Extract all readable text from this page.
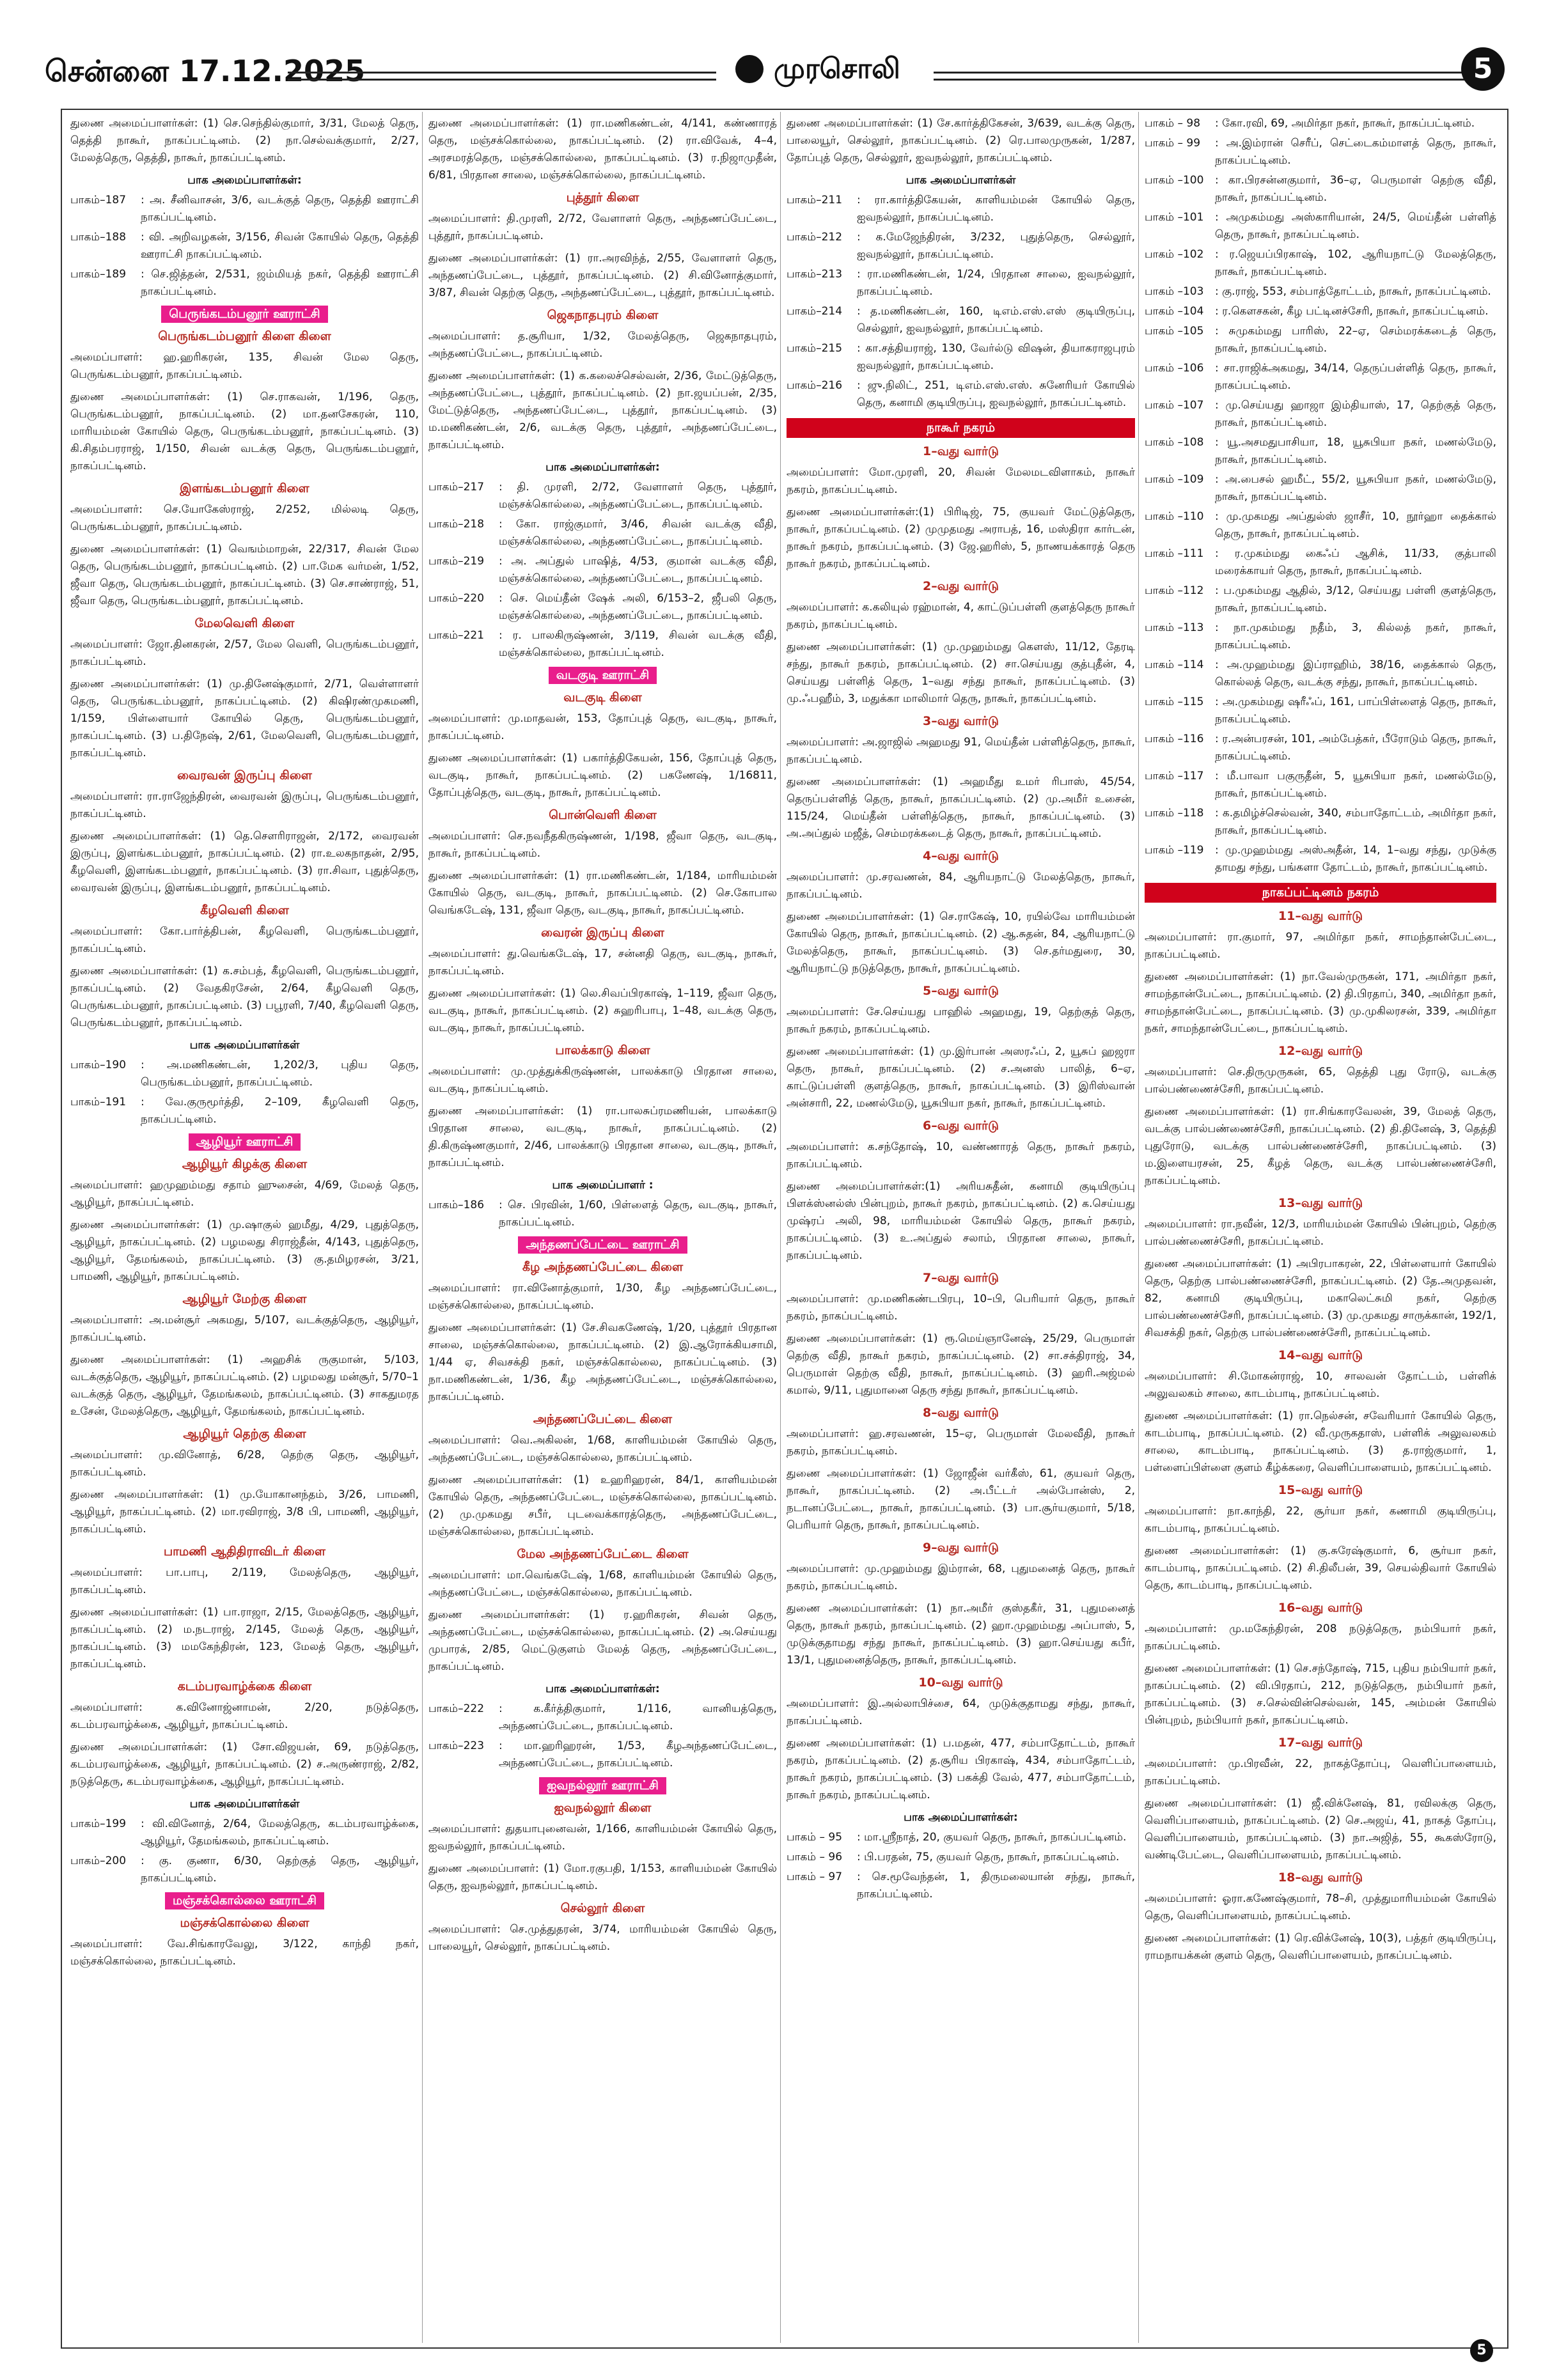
சென்னை 17.12.2025	முரசொலி	5

துணை அமைப்பாளர்கள்: (1) செ.செந்தில்குமார், 3/31, மேலத் தெரு, தெத்தி நாகூர், நாகப்பட்டினம். (2) நா.செல்வக்குமார், 2/27, மேலத்தெரு, தெத்தி, நாகூர், நாகப்பட்டினம்.

பாக அமைப்பாளர்கள்:
பாகம்–187	: அ. சீனிவாசன், 3/6, வடக்குத் தெரு, தெத்தி ஊராட்சி நாகப்பட்டினம்.
பாகம்–188	: வி. அறிவழகன், 3/156, சிவன் கோயில் தெரு, தெத்தி ஊராட்சி நாகப்பட்டினம்.
பாகம்–189	: செ.ஜித்தன், 2/531, ஜம்மியத் நகர், தெத்தி ஊராட்சி நாகப்பட்டினம்.
பெருங்கடம்பனூர் ஊராட்சி
பெருங்கடம்பனூர் கிளை கிளை

அமைப்பாளர்: ஹ.ஹரிகரன், 135, சிவன் மேல தெரு, பெருங்கடம்பனூர், நாகப்பட்டினம்.

துணை அமைப்பாளர்கள்: (1) செ.ராகவன், 1/196, தெரு, பெருங்கடம்பனூர், நாகப்பட்டினம். (2) மா.தனசேகரன், 110, மாரியம்மன் கோயில் தெரு, பெருங்கடம்பனூர், நாகப்பட்டினம். (3) கி.சிதம்பரராஜ், 1/150, சிவன் வடக்கு தெரு, பெருங்கடம்பனூர், நாகப்பட்டினம்.

இளங்கடம்பனூர் கிளை

அமைப்பாளர்: செ.யோகேஸ்ராஜ், 2/252, மில்லடி தெரு, பெருங்கடம்பனூர், நாகப்பட்டினம்.

துணை அமைப்பாளர்கள்: (1) வெஙம்மாறன், 22/317, சிவன் மேல தெரு, பெருங்கடம்பனூர், நாகப்பட்டினம். (2) பா.மேக வர்மன், 1/52, ஜீவா தெரு, பெருங்கடம்பனூர், நாகப்பட்டினம். (3) செ.சாண்ராஜ், 51, ஜீவா தெரு, பெருங்கடம்பனூர், நாகப்பட்டினம்.

மேலவெளி கிளை

அமைப்பாளர்: ஜோ.தினகரன், 2/57, மேல வெளி, பெருங்கடம்பனூர், நாகப்பட்டினம்.

துணை அமைப்பாளர்கள்: (1) மு.தினேஷ்குமார், 2/71, வெள்ளாளர் தெரு, பெருங்கடம்பனூர், நாகப்பட்டினம். (2) கிஷிரண்முகமணி, 1/159, பிள்ளையார் கோயில் தெரு, பெருங்கடம்பனூர், நாகப்பட்டினம். (3) ப.திநேஷ், 2/61, மேலவெளி, பெருங்கடம்பனூர், நாகப்பட்டினம்.

வைரவன் இருப்பு கிளை

அமைப்பாளர்: ரா.ராஜேந்திரன், வைரவன் இருப்பு, பெருங்கடம்பனூர், நாகப்பட்டினம்.

துணை அமைப்பாளர்கள்: (1) தெ.சௌரிராஜன், 2/172, வைரவன் இருப்பு, இளங்கடம்பனூர், நாகப்பட்டினம். (2) ரா.உலகநாதன், 2/95, கீழவெளி, இளங்கடம்பனூர், நாகப்பட்டினம். (3) ரா.சிவா, புதுத்தெரு, வைரவன் இருப்பு, இளங்கடம்பனூர், நாகப்பட்டினம்.

கீழவெளி கிளை

அமைப்பாளர்: கோ.பார்த்திபன், கீழவெளி, பெருங்கடம்பனூர், நாகப்பட்டினம்.

துணை அமைப்பாளர்கள்: (1) க.சம்பத், கீழவெளி, பெருங்கடம்பனூர், நாகப்பட்டினம். (2) வேதகிரசேன், 2/64, கீழவெளி தெரு, பெருங்கடம்பனூர், நாகப்பட்டினம். (3) பபூரளி, 7/40, கீழவெளி தெரு, பெருங்கடம்பனூர், நாகப்பட்டினம்.

பாக அமைப்பாளர்கள்
பாகம்–190	: அ.மணிகண்டன், 1,202/3, புதிய தெரு, பெருங்கடம்பனூர், நாகப்பட்டினம்.
பாகம்–191	: வே.குருமூர்த்தி, 2–109, கீழவெளி தெரு, நாகப்பட்டினம்.
ஆழியூர் ஊராட்சி
ஆழியூர் கிழக்கு கிளை

அமைப்பாளர்: ஹமுஹம்மது சதாம் ஹுசைன், 4/69, மேலத் தெரு, ஆழியூர், நாகப்பட்டினம்.

துணை அமைப்பாளர்கள்: (1) மு.ஷாகுல் ஹமீது, 4/29, புதுத்தெரு, ஆழியூர், நாகப்பட்டினம். (2) பழமலது சிராஜ்தீன், 4/143, புதுத்தெரு, ஆழியூர், தேமங்கலம், நாகப்பட்டினம். (3) கு.தமிழரசன், 3/21, பாமணி, ஆழியூர், நாகப்பட்டினம்.

ஆழியூர் மேற்கு கிளை

அமைப்பாளர்: அ.மன்சூர் அகமது, 5/107, வடக்குத்தெரு, ஆழியூர், நாகப்பட்டினம்.

துணை அமைப்பாளர்கள்: (1) அஹசிக் ருகுமான், 5/103, வடக்குத்தெரு, ஆழியூர், நாகப்பட்டினம். (2) பழமலது மன்சூர், 5/70–1 வடக்குத் தெரு, ஆழியூர், தேமங்கலம், நாகப்பட்டினம். (3) சாகதுமரத உசேன், மேலத்தெரு, ஆழியூர், தேமங்கலம், நாகப்பட்டினம்.

ஆழியூர் தெற்கு கிளை

அமைப்பாளர்: மு.வினோத், 6/28, தெற்கு தெரு, ஆழியூர், நாகப்பட்டினம்.

துணை அமைப்பாளர்கள்: (1) மு.யோகானந்தம், 3/26, பாமணி, ஆழியூர், நாகப்பட்டினம். (2) மா.ரவிராஜ், 3/8 பி, பாமணி, ஆழியூர், நாகப்பட்டினம்.

பாமணி ஆதிதிராவிடர் கிளை

அமைப்பாளர்: பா.பாபு, 2/119, மேலத்தெரு, ஆழியூர், நாகப்பட்டினம்.

துணை அமைப்பாளர்கள்: (1) பா.ராஜா, 2/15, மேலத்தெரு, ஆழியூர், நாகப்பட்டினம். (2) ம.நடராஜ், 2/145, மேலத் தெரு, ஆழியூர், நாகப்பட்டினம். (3) மமகேந்திரன், 123, மேலத் தெரு, ஆழியூர், நாகப்பட்டினம்.

கடம்பரவாழ்க்கை கிளை

அமைப்பாளர்: க.வினோஜ்னாமன், 2/20, நடுத்தெரு, கடம்பரவாழ்க்கை, ஆழியூர், நாகப்பட்டினம்.

துணை அமைப்பாளர்கள்: (1) சோ.விஜயன், 69, நடுத்தெரு, கடம்பரவாழ்க்கை, ஆழியூர், நாகப்பட்டினம். (2) ச.அருண்ராஜ், 2/82, நடுத்தெரு, கடம்பரவாழ்க்கை, ஆழியூர், நாகப்பட்டினம்.

பாக அமைப்பாளர்கள்
பாகம்–199	: வி.வினோத், 2/64, மேலத்தெரு, கடம்பரவாழ்க்கை, ஆழியூர், தேமங்கலம், நாகப்பட்டினம்.
பாகம்–200	: கு. குணா, 6/30, தெற்குத் தெரு, ஆழியூர், நாகப்பட்டினம்.
மஞ்சக்கொல்லை ஊராட்சி
மஞ்சக்கொல்லை கிளை

அமைப்பாளர்: வே.சிங்காரவேலு, 3/122, காந்தி நகர், மஞ்சக்கொல்லை, நாகப்பட்டினம்.

துணை அமைப்பாளர்கள்: (1) ரா.மணிகண்டன், 4/141, கண்ணாரத் தெரு, மஞ்சக்கொல்லை, நாகப்பட்டினம். (2) ரா.விவேக், 4–4, அரசமரத்தெரு, மஞ்சக்கொல்லை, நாகப்பட்டினம். (3) ர.நிஜாமுதீன், 6/81, பிரதான சாலை, மஞ்சக்கொல்லை, நாகப்பட்டினம்.

புத்தூர் கிளை

அமைப்பாளர்: தி.முரளி, 2/72, வேளாளர் தெரு, அந்தணப்பேட்டை, புத்தூர், நாகப்பட்டினம்.

துணை அமைப்பாளர்கள்: (1) ரா.அரவிந்த், 2/55, வேளாளர் தெரு, அந்தணப்பேட்டை, புத்தூர், நாகப்பட்டினம். (2) சி.வினோத்குமார், 3/87, சிவன் தெற்கு தெரு, அந்தணப்பேட்டை, புத்தூர், நாகப்பட்டினம்.

ஜெகநாதபுரம் கிளை

அமைப்பாளர்: த.சூரியா, 1/32, மேலத்தெரு, ஜெகநாதபுரம், அந்தணப்பேட்டை, நாகப்பட்டினம்.

துணை அமைப்பாளர்கள்: (1) க.கலைச்செல்வன், 2/36, மேட்டுத்தெரு, அந்தணப்பேட்டை, புத்தூர், நாகப்பட்டினம். (2) நா.ஜயப்பன், 2/35, மேட்டுத்தெரு, அந்தணப்பேட்டை, புத்தூர், நாகப்பட்டினம். (3) ம.மணிகண்டன், 2/6, வடக்கு தெரு, புத்தூர், அந்தணப்பேட்டை, நாகப்பட்டினம்.

பாக அமைப்பாளர்கள்:
பாகம்–217	: தி. முரளி, 2/72, வேளாளர் தெரு, புத்தூர், மஞ்சக்கொல்லை, அந்தணப்பேட்டை, நாகப்பட்டினம்.
பாகம்–218	: கோ. ராஜ்குமார், 3/46, சிவன் வடக்கு வீதி, மஞ்சக்கொல்லை, அந்தணப்பேட்டை, நாகப்பட்டினம்.
பாகம்–219	: அ. அப்துல் பாஷித், 4/53, குமான் வடக்கு வீதி, மஞ்சக்கொல்லை, அந்தணப்பேட்டை, நாகப்பட்டினம்.
பாகம்–220	: செ. மெய்தீன் ஷேக் அலி, 6/153–2, ஜீபலி தெரு, மஞ்சக்கொல்லை, அந்தணப்பேட்டை, நாகப்பட்டினம்.
பாகம்–221	: ர. பாலகிருஷ்ணன், 3/119, சிவன் வடக்கு வீதி, மஞ்சக்கொல்லை, நாகப்பட்டினம்.
வடகுடி ஊராட்சி
வடகுடி கிளை

அமைப்பாளர்: மு.மாதவன், 153, தோப்புத் தெரு, வடகுடி, நாகூர், நாகப்பட்டினம்.

துணை அமைப்பாளர்கள்: (1) பகார்த்திகேயன், 156, தோப்புத் தெரு, வடகுடி, நாகூர், நாகப்பட்டினம். (2) பகணேஷ், 1/16811, தோப்புத்தெரு, வடகுடி, நாகூர், நாகப்பட்டினம்.

பொன்வெளி கிளை

அமைப்பாளர்: செ.நவநீதகிருஷ்ணன், 1/198, ஜீவா தெரு, வடகுடி, நாகூர், நாகப்பட்டினம்.

துணை அமைப்பாளர்கள்: (1) ரா.மணிகண்டன், 1/184, மாரியம்மன் கோயில் தெரு, வடகுடி, நாகூர், நாகப்பட்டினம். (2) செ.கோபால வெங்கடேஷ், 131, ஜீவா தெரு, வடகுடி, நாகூர், நாகப்பட்டினம்.

வைரன் இருப்பு கிளை

அமைப்பாளர்: து.வெங்கடேஷ், 17, சன்னதி தெரு, வடகுடி, நாகூர், நாகப்பட்டினம்.

துணை அமைப்பாளர்கள்: (1) லெ.சிவப்பிரகாஷ், 1–119, ஜீவா தெரு, வடகுடி, நாகூர், நாகப்பட்டினம். (2) சுஹரிபாபு, 1–48, வடக்கு தெரு, வடகுடி, நாகூர், நாகப்பட்டினம்.

பாலக்காடு கிளை

அமைப்பாளர்: மு.முத்துக்கிருஷ்ணன், பாலக்காடு பிரதான சாலை, வடகுடி, நாகப்பட்டினம்.

துணை அமைப்பாளர்கள்: (1) ரா.பாலசுப்ரமணியன், பாலக்காடு பிரதான சாலை, வடகுடி, நாகூர், நாகப்பட்டினம். (2) தி.கிருஷ்ணகுமார், 2/46, பாலக்காடு பிரதான சாலை, வடகுடி, நாகூர், நாகப்பட்டினம்.

பாக அமைப்பாளர் :
பாகம்–186	: செ. பிரவின், 1/60, பிள்ளைத் தெரு, வடகுடி, நாகூர், நாகப்பட்டினம்.
அந்தணப்பேட்டை ஊராட்சி
கீழ அந்தணப்பேட்டை கிளை

அமைப்பாளர்: ரா.வினோத்குமார், 1/30, கீழ அந்தணப்பேட்டை, மஞ்சக்கொல்லை, நாகப்பட்டினம்.

துணை அமைப்பாளர்கள்: (1) சே.சிவகணேஷ், 1/20, புத்தூர் பிரதான சாலை, மஞ்சக்கொல்லை, நாகப்பட்டினம். (2) இ.ஆரோக்கியசாமி, 1/44 ஏ, சிவசக்தி நகர், மஞ்சக்கொல்லை, நாகப்பட்டினம். (3) நா.மணிகண்டன், 1/36, கீழ அந்தணப்பேட்டை, மஞ்சக்கொல்லை, நாகப்பட்டினம்.

அந்தணப்பேட்டை கிளை

அமைப்பாளர்: வெ.அகிலன், 1/68, காளியம்மன் கோயில் தெரு, அந்தணப்பேட்டை, மஞ்சக்கொல்லை, நாகப்பட்டினம்.

துணை அமைப்பாளர்கள்: (1) உஹரிஹரன், 84/1, காளியம்மன் கோயில் தெரு, அந்தணப்பேட்டை, மஞ்சக்கொல்லை, நாகப்பட்டினம். (2) மு.முகமது சபீர், புடவைக்காரத்தெரு, அந்தணப்பேட்டை, மஞ்சக்கொல்லை, நாகப்பட்டினம்.

மேல அந்தணப்பேட்டை கிளை

அமைப்பாளர்: மா.வெங்கடேஷ், 1/68, காளியம்மன் கோயில் தெரு, அந்தணப்பேட்டை, மஞ்சக்கொல்லை, நாகப்பட்டினம்.

துணை அமைப்பாளர்கள்: (1) ர.ஹரிகரன், சிவன் தெரு, அந்தணப்பேட்டை, மஞ்சக்கொல்லை, நாகப்பட்டினம். (2) அ.செய்யது முபாரக், 2/85, மெட்டுகுளம் மேலத் தெரு, அந்தணப்பேட்டை, நாகப்பட்டினம்.

பாக அமைப்பாளர்கள்:
பாகம்–222	: க.கீர்த்திகுமார், 1/116, வானியத்தெரு, அந்தணப்பேட்டை, நாகப்பட்டினம்.
பாகம்–223	: மா.ஹரிஹரன், 1/53, கீழஅந்தணப்பேட்டை, அந்தணப்பேட்டை, நாகப்பட்டினம்.
ஐவநல்லூர் ஊராட்சி
ஐவநல்லூர் கிளை

அமைப்பாளர்: துதயாபுனைவன், 1/166, காளியம்மன் கோயில் தெரு, ஐவநல்லூர், நாகப்பட்டினம்.

துணை அமைப்பாளர்: (1) மோ.ரகுபதி, 1/153, காளியம்மன் கோயில் தெரு, ஐவநல்லூர், நாகப்பட்டினம்.

செல்லூர் கிளை

அமைப்பாளர்: செ.முத்துதரன், 3/74, மாரியம்மன் கோயில் தெரு, பாலையூர், செல்லூர், நாகப்பட்டினம்.

துணை அமைப்பாளர்கள்: (1) சே.கார்த்திகேசன், 3/639, வடக்கு தெரு, பாலையூர், செல்லூர், நாகப்பட்டினம். (2) ரெ.பாலமுருகன், 1/287, தோப்புத் தெரு, செல்லூர், ஐவநல்லூர், நாகப்பட்டினம்.

பாக அமைப்பாளர்கள்
பாகம்–211	: ரா.கார்த்திகேயன், காளியம்மன் கோயில் தெரு, ஐவநல்லூர், நாகப்பட்டினம்.
பாகம்–212	: க.மேஜேந்திரன், 3/232, புதுத்தெரு, செல்லூர், ஐவநல்லூர், நாகப்பட்டினம்.
பாகம்–213	: ரா.மணிகண்டன், 1/24, பிரதான சாலை, ஐவநல்லூர், நாகப்பட்டினம்.
பாகம்–214	: த.மணிகண்டன், 160, டிஎம்.எஸ்.எஸ் குடியிருப்பு, செல்லூர், ஐவநல்லூர், நாகப்பட்டினம்.
பாகம்–215	: கா.சத்தியராஜ், 130, வேர்ல்டு விஷன், தியாகராஜபுரம் ஐவநல்லூர், நாகப்பட்டினம்.
பாகம்–216	: ஜு.நிலிட், 251, டிஎம்.எஸ்.எஸ். சுனேரியர் கோயில் தெரு, கனாமி குடியிருப்பு, ஐவநல்லூர், நாகப்பட்டினம்.
நாகூர் நகரம்
1–வது வார்டு

அமைப்பாளர்: மோ.முரளி, 20, சிவன் மேலமடவிளாகம், நாகூர் நகரம், நாகப்பட்டினம்.

துணை அமைப்பாளர்கள்:(1) பிரிடிஜ், 75, குயவர் மேட்டுத்தெரு, நாகூர், நாகப்பட்டினம். (2) முமுதமது அராபத், 16, மஸ்திரா கார்டன், நாகூர் நகரம், நாகப்பட்டினம். (3) ஜே.ஹரிஸ், 5, நாணயக்காரத் தெரு நாகூர் நகரம், நாகப்பட்டினம்.

2–வது வார்டு

அமைப்பாளர்: க.கலியுல் ரஹ்மான், 4, காட்டுப்பள்ளி குளத்தெரு நாகூர் நகரம், நாகப்பட்டினம்.

துணை அமைப்பாளர்கள்: (1) மு.முஹம்மது கௌஸ், 11/12, தேரடி சந்து, நாகூர் நகரம், நாகப்பட்டினம். (2) சா.செய்யது குத்புதீன், 4, செய்யது பள்ளித் தெரு, 1–வது சந்து நாகூர், நாகப்பட்டினம். (3) மு.ஃபஹீம், 3, மதுக்கா மாலிமார் தெரு, நாகூர், நாகப்பட்டினம்.

3–வது வார்டு

அமைப்பாளர்: அ.ஜாஜில் அஹமது 91, மெய்தீன் பள்ளித்தெரு, நாகூர், நாகப்பட்டினம்.

துணை அமைப்பாளர்கள்: (1) அஹமீது உமர் ரிபாஸ், 45/54, தெருப்பள்ளித் தெரு, நாகூர், நாகப்பட்டினம். (2) மு.அமீர் உசைன், 115/24, மெய்தீன் பள்ளித்தெரு, நாகூர், நாகப்பட்டினம். (3) அ.அப்துல் மஜீத், செம்மரக்கடைத் தெரு, நாகூர், நாகப்பட்டினம்.

4–வது வார்டு

அமைப்பாளர்: மு.சரவணன், 84, ஆரியநாட்டு மேலத்தெரு, நாகூர், நாகப்பட்டினம்.

துணை அமைப்பாளர்கள்: (1) செ.ராகேஷ், 10, ரயில்வே மாரியம்மன் கோயில் தெரு, நாகூர், நாகப்பட்டினம். (2) ஆ.சுதன், 84, ஆரியநாட்டு மேலத்தெரு, நாகூர், நாகப்பட்டினம். (3) செ.தர்மதுரை, 30, ஆரியநாட்டு நடுத்தெரு, நாகூர், நாகப்பட்டினம்.

5–வது வார்டு

அமைப்பாளர்: சே.செய்யது பாஹில் அஹமது, 19, தெற்குத் தெரு, நாகூர் நகரம், நாகப்பட்டினம்.

துணை அமைப்பாளர்கள்: (1) மு.இர்பான் அஸரஃப், 2, யூசுப் ஹஜரா தெரு, நாகூர், நாகப்பட்டினம். (2) ச.அனஸ் பாலித், 6–ஏ, காட்டுப்பள்ளி குளத்தெரு, நாகூர், நாகப்பட்டினம். (3) இரிஸ்வான் அன்சாரி, 22, மணல்மேடு, யூசுபியா நகர், நாகூர், நாகப்பட்டினம்.

6–வது வார்டு

அமைப்பாளர்: க.சந்தோஷ், 10, வண்ணாரத் தெரு, நாகூர் நகரம், நாகப்பட்டினம்.

துணை அமைப்பாளர்கள்:(1) அரியசுதீன், கனாமி குடியிருப்பு பிளக்ஸ்னல்ஸ் பின்புறம், நாகூர் நகரம், நாகப்பட்டினம். (2) க.செய்யது முஷ்ரப் அலி, 98, மாரியம்மன் கோயில் தெரு, நாகூர் நகரம், நாகப்பட்டினம். (3) உ.அப்துல் சலாம், பிரதான சாலை, நாகூர், நாகப்பட்டினம்.

7–வது வார்டு

அமைப்பாளர்: மு.மணிகண்டபிரபு, 10–பி, பெரியார் தெரு, நாகூர் நகரம், நாகப்பட்டினம்.

துணை அமைப்பாளர்கள்: (1) ரூ.மெய்ஞானேஷ், 25/29, பெருமாள் தெற்கு வீதி, நாகூர் நகரம், நாகப்பட்டினம். (2) சா.சக்திராஜ், 34, பெருமாள் தெற்கு வீதி, நாகூர், நாகப்பட்டினம். (3) ஹரி.அஜ்மல் கமால், 9/11, புதுமானை தெரு சந்து நாகூர், நாகப்பட்டினம்.

8–வது வார்டு

அமைப்பாளர்: ஹ.சரவணன், 15–ஏ, பெருமாள் மேலவீதி, நாகூர் நகரம், நாகப்பட்டினம்.

துணை அமைப்பாளர்கள்: (1) ஜோஜீன் வர்கீஸ், 61, குயவர் தெரு, நாகூர், நாகப்பட்டினம். (2) அ.பீட்டர் அல்போன்ஸ், 2, நடானப்பேட்டை, நாகூர், நாகப்பட்டினம். (3) பா.சூர்யகுமார், 5/18, பெரியார் தெரு, நாகூர், நாகப்பட்டினம்.

9–வது வார்டு

அமைப்பாளர்: மு.முஹம்மது இம்ரான், 68, புதுமனைத் தெரு, நாகூர் நகரம், நாகப்பட்டினம்.

துணை அமைப்பாளர்கள்: (1) நா.அமீர் குஸ்தகீர், 31, புதுமனைத் தெரு, நாகூர் நகரம், நாகப்பட்டினம். (2) ஹா.முஹம்மது அப்பாஸ், 5, முடுக்குதாமது சந்து நாகூர், நாகப்பட்டினம். (3) ஹா.செய்யது கபீர், 13/1, புதுமனைத்தெரு, நாகூர், நாகப்பட்டினம்.

10–வது வார்டு

அமைப்பாளர்: இ.அல்லாபிச்சை, 64, முடுக்குதாமது சந்து, நாகூர், நாகப்பட்டினம்.

துணை அமைப்பாளர்கள்: (1) ப.மதன், 477, சம்பாதோட்டம், நாகூர் நகரம், நாகப்பட்டினம். (2) த.சூரிய பிரகாஷ், 434, சம்பாதோட்டம், நாகூர் நகரம், நாகப்பட்டினம். (3) பகக்தி வேல், 477, சம்பாதோட்டம், நாகூர் நகரம், நாகப்பட்டினம்.

பாக அமைப்பாளர்கள்:
பாகம் – 95	: மா.ஸ்ரீநாத், 20, குயவர் தெரு, நாகூர், நாகப்பட்டினம்.
பாகம் – 96	: பி.பரதன், 75, குயவர் தெரு, நாகூர், நாகப்பட்டினம்.
பாகம் – 97	: செ.மூவேந்தன், 1, திருமலையான் சந்து, நாகூர், நாகப்பட்டினம்.
பாகம் – 98	: கோ.ரவி, 69, அமிர்தா நகர், நாகூர், நாகப்பட்டினம்.
பாகம் – 99	: அ.இம்ரான் செரீப், செட்டைகம்மாளத் தெரு, நாகூர், நாகப்பட்டினம்.
பாகம் –100	: கா.பிரசன்னகுமார், 36–ஏ, பெருமாள் தெற்கு வீதி, நாகூர், நாகப்பட்டினம்.
பாகம் –101	: அமுகம்மது அஸ்காரியான், 24/5, மெய்தீன் பள்ளித் தெரு, நாகூர், நாகப்பட்டினம்.
பாகம் –102	: ர.ஜெயப்பிரகாஷ், 102, ஆரியநாட்டு மேலத்தெரு, நாகூர், நாகப்பட்டினம்.
பாகம் –103	: கு.ராஜ், 553, சம்பாத்தோட்டம், நாகூர், நாகப்பட்டினம்.
பாகம் –104	: ர.கௌசகன், கீழ பட்டினச்சேரி, நாகூர், நாகப்பட்டினம்.
பாகம் –105	: சுமுகம்மது பாரிஸ், 22–ஏ, செம்மரக்கடைத் தெரு, நாகூர், நாகப்பட்டினம்.
பாகம் –106	: சா.ராஜிக்அகமது, 34/14, தெருப்பள்ளித் தெரு, நாகூர், நாகப்பட்டினம்.
பாகம் –107	: மு.செய்யது ஹாஜா இம்தியாஸ், 17, தெற்குத் தெரு, நாகூர், நாகப்பட்டினம்.
பாகம் –108	: யூ.அசமதுபாசியா, 18, யூசுபியா நகர், மணல்மேடு, நாகூர், நாகப்பட்டினம்.
பாகம் –109	: அ.பைசல் ஹமீட், 55/2, யூசுபியா நகர், மணல்மேடு, நாகூர், நாகப்பட்டினம்.
பாகம் –110	: மு.முகமது அப்துல்ஸ் ஜாசீர், 10, நூர்ஹா தைக்கால் தெரு, நாகூர், நாகப்பட்டினம்.
பாகம் –111	: ர.முகம்மது கைஃப் ஆசிக், 11/33, குத்பாலி மரைக்காயர் தெரு, நாகூர், நாகப்பட்டினம்.
பாகம் –112	: ப.முகம்மது ஆதில், 3/12, செய்யது பள்ளி குளத்தெரு, நாகூர், நாகப்பட்டினம்.
பாகம் –113	: நா.முகம்மது நதீம், 3, கில்லத் நகர், நாகூர், நாகப்பட்டினம்.
பாகம் –114	: அ.முஹம்மது இப்ராஹிம், 38/16, தைக்கால் தெரு, கொல்லத் தெரு, வடக்கு சந்து, நாகூர், நாகப்பட்டினம்.
பாகம் –115	: அ.முகம்மது ஷரீஃப், 161, பாப்பிள்ளைத் தெரு, நாகூர், நாகப்பட்டினம்.
பாகம் –116	: ர.அன்பரசன், 101, அம்பேத்கர், பீரோடும் தெரு, நாகூர், நாகப்பட்டினம்.
பாகம் –117	: மீ.பாவா பகுருதீன், 5, யூசுபியா நகர், மணல்மேடு, நாகூர், நாகப்பட்டினம்.
பாகம் –118	: க.தமிழ்ச்செல்வன், 340, சம்பாதோட்டம், அமிர்தா நகர், நாகூர், நாகப்பட்டினம்.
பாகம் –119	: மு.முஹம்மது அஸ்அதீன், 14, 1–வது சந்து, முடுக்கு தாமது சந்து, பங்களா தோட்டம், நாகூர், நாகப்பட்டினம்.
நாகப்பட்டினம் நகரம்
11–வது வார்டு

அமைப்பாளர்: ரா.குமார், 97, அமிர்தா நகர், சாமந்தான்பேட்டை, நாகப்பட்டினம்.

துணை அமைப்பாளர்கள்: (1) நா.வேல்முருகன், 171, அமிர்தா நகர், சாமந்தான்பேட்டை, நாகப்பட்டினம். (2) தி.பிரதாப், 340, அமிர்தா நகர், சாமந்தான்பேட்டை, நாகப்பட்டினம். (3) மு.முகிலரசன், 339, அமிர்தா நகர், சாமந்தான்பேட்டை, நாகப்பட்டினம்.

12–வது வார்டு

அமைப்பாளர்: செ.திருமுருகன், 65, தெத்தி புது ரோடு, வடக்கு பால்பண்ணைச்சேரி, நாகப்பட்டினம்.

துணை அமைப்பாளர்கள்: (1) ரா.சிங்காரவேலன், 39, மேலத் தெரு, வடக்கு பால்பண்ணைச்சேரி, நாகப்பட்டினம். (2) தி.தினேஷ், 3, தெத்தி புதுரோடு, வடக்கு பால்பண்ணைச்சேரி, நாகப்பட்டினம். (3) ம.இளையரசன், 25, கீழத் தெரு, வடக்கு பால்பண்ணைச்சேரி, நாகப்பட்டினம்.

13–வது வார்டு

அமைப்பாளர்: ரா.நவீன், 12/3, மாரியம்மன் கோயில் பின்புறம், தெற்கு பால்பண்ணைச்சேரி, நாகப்பட்டினம்.

துணை அமைப்பாளர்கள்: (1) அபிரபாகரன், 22, பிள்ளையார் கோயில் தெரு, தெற்கு பால்பண்ணைச்சேரி, நாகப்பட்டினம். (2) தே.அமுதவன், 82, கனாமி குடியிருப்பு, மகாலெட்சுமி நகர், தெற்கு பால்பண்ணைச்சேரி, நாகப்பட்டினம். (3) மு.முகமது சாருக்கான், 192/1, சிவசக்தி நகர், தெற்கு பால்பண்ணைச்சேரி, நாகப்பட்டினம்.

14–வது வார்டு

அமைப்பாளர்: சி.மோகன்ராஜ், 10, சாலவன் தோட்டம், பள்ளிக் அலுவலகம் சாலை, காடம்பாடி, நாகப்பட்டினம்.

துணை அமைப்பாளர்கள்: (1) ரா.நெல்சன், சவேரியார் கோயில் தெரு, காடம்பாடி, நாகப்பட்டினம். (2) வீ.முருகதாஸ், பள்ளிக் அலுவலகம் சாலை, காடம்பாடி, நாகப்பட்டினம். (3) த.ராஜ்குமார், 1, பள்ளைப்பிள்ளை குளம் கீழ்க்கரை, வெளிப்பாளையம், நாகப்பட்டினம்.

15–வது வார்டு

அமைப்பாளர்: நா.காந்தி, 22, சூர்யா நகர், கணாமி குடியிருப்பு, காடம்பாடி, நாகப்பட்டினம்.

துணை அமைப்பாளர்கள்: (1) கு.சுரேஷ்குமார், 6, சூர்யா நகர், காடம்பாடி, நாகப்பட்டினம். (2) சி.திலீபன், 39, செயல்திவார் கோயில் தெரு, காடம்பாடி, நாகப்பட்டினம்.

16–வது வார்டு

அமைப்பாளர்: மு.மகேந்திரன், 208 நடுத்தெரு, நம்பியார் நகர், நாகப்பட்டினம்.

துணை அமைப்பாளர்கள்: (1) செ.சந்தோஷ், 715, புதிய நம்பியார் நகர், நாகப்பட்டினம். (2) வி.பிரதாப், 212, நடுத்தெரு, நம்பியார் நகர், நாகப்பட்டினம். (3) ச.செல்வின்செல்வன், 145, அம்மன் கோயில் பின்புறம், நம்பியார் நகர், நாகப்பட்டினம்.

17–வது வார்டு

அமைப்பாளர்: மு.பிரவீன், 22, நாகத்தோப்பு, வெளிப்பாளையம், நாகப்பட்டினம்.

துணை அமைப்பாளர்கள்: (1) ஜீ.விக்னேஷ், 81, ரவிலக்கு தெரு, வெளிப்பாளையம், நாகப்பட்டினம். (2) செ.அஜய், 41, நாகத் தோப்பு, வெளிப்பாளையம், நாகப்பட்டினம். (3) நா.அஜித், 55, கூகஸ்ரோடு, வண்டிபேட்டை, வெளிப்பாளையம், நாகப்பட்டினம்.

18–வது வார்டு

அமைப்பாளர்: ஓரா.கணேஷ்குமார், 78–சி, முத்துமாரியம்மன் கோயில் தெரு, வெளிப்பாளையம், நாகப்பட்டினம்.

துணை அமைப்பாளர்கள்: (1) ரெ.விக்னேஷ், 10(3), பத்தர் குடியிருப்பு, ராமநாயக்கன் குளம் தெரு, வெளிப்பாளையம், நாகப்பட்டினம்.

5
